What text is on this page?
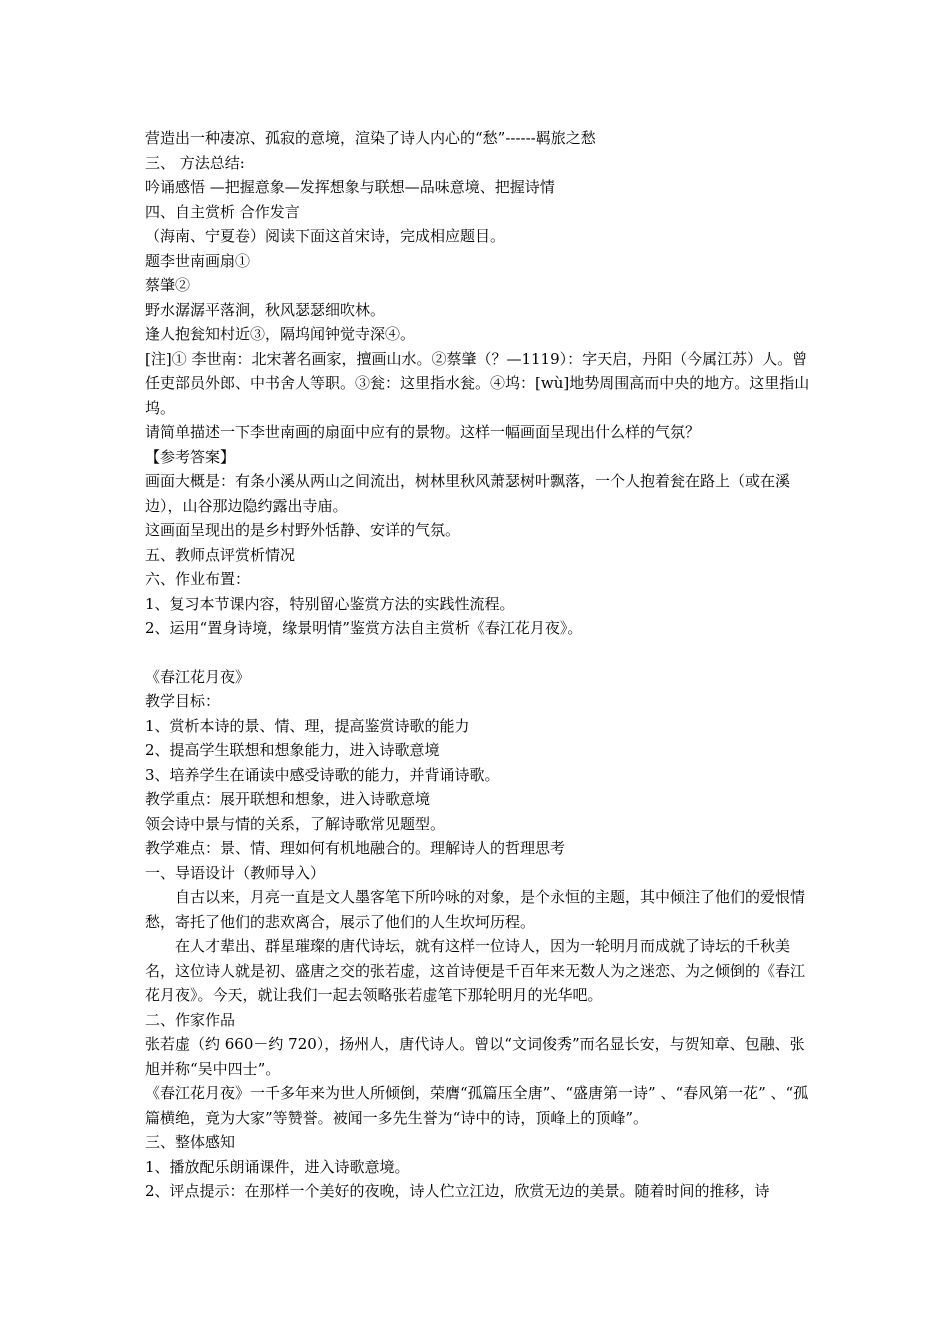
营造出一种凄凉、孤寂的意境，渲染了诗人内心的“愁”------羁旅之愁

三、 方法总结:

吟诵感悟 —把握意象—发挥想象与联想—品味意境、把握诗情

四、自主赏析 合作发言

（海南、宁夏卷）阅读下面这首宋诗，完成相应题目。

题李世南画扇①

蔡肇②

野水潺潺平落涧，秋风瑟瑟细吹林。

逢人抱瓮知村近③，隔坞闻钟觉寺深④。

[注]① 李世南：北宋著名画家，擅画山水。②蔡肇（？—1119）：字天启，丹阳（今属江苏）人。曾任吏部员外郎、中书舍人等职。③瓮：这里指水瓮。④坞：[wù]地势周围高而中央的地方。这里指山坞。

请简单描述一下李世南画的扇面中应有的景物。这样一幅画面呈现出什么样的气氛？

【参考答案】

画面大概是：有条小溪从两山之间流出，树林里秋风萧瑟树叶飘落，一个人抱着瓮在路上（或在溪边），山谷那边隐约露出寺庙。

这画面呈现出的是乡村野外恬静、安详的气氛。

五、教师点评赏析情况

六、作业布置：

1、复习本节课内容，特别留心鉴赏方法的实践性流程。

2、运用“置身诗境，缘景明情”鉴赏方法自主赏析《春江花月夜》。

《春江花月夜》

教学目标：

1、赏析本诗的景、情、理，提高鉴赏诗歌的能力

2、提高学生联想和想象能力，进入诗歌意境

3、培养学生在诵读中感受诗歌的能力，并背诵诗歌。

教学重点：展开联想和想象，进入诗歌意境

领会诗中景与情的关系，了解诗歌常见题型。

教学难点：景、情、理如何有机地融合的。理解诗人的哲理思考

一、导语设计（教师导入）

自古以来，月亮一直是文人墨客笔下所吟咏的对象，是个永恒的主题，其中倾注了他们的爱恨情愁，寄托了他们的悲欢离合，展示了他们的人生坎坷历程。

在人才辈出、群星璀璨的唐代诗坛，就有这样一位诗人，因为一轮明月而成就了诗坛的千秋美名，这位诗人就是初、盛唐之交的张若虚，这首诗便是千百年来无数人为之迷恋、为之倾倒的《春江花月夜》。今天，就让我们一起去领略张若虚笔下那轮明月的光华吧。

二、作家作品

张若虚（约 660－约 720），扬州人，唐代诗人。曾以“文词俊秀”而名显长安，与贺知章、包融、张旭并称“吴中四士”。

《春江花月夜》一千多年来为世人所倾倒，荣膺“孤篇压全唐”、“盛唐第一诗” 、“春风第一花” 、“孤篇横绝，竟为大家”等赞誉。被闻一多先生誉为“诗中的诗，顶峰上的顶峰”。

三、整体感知

1、播放配乐朗诵课件，进入诗歌意境。

2、评点提示：在那样一个美好的夜晚，诗人伫立江边，欣赏无边的美景。随着时间的推移，诗
